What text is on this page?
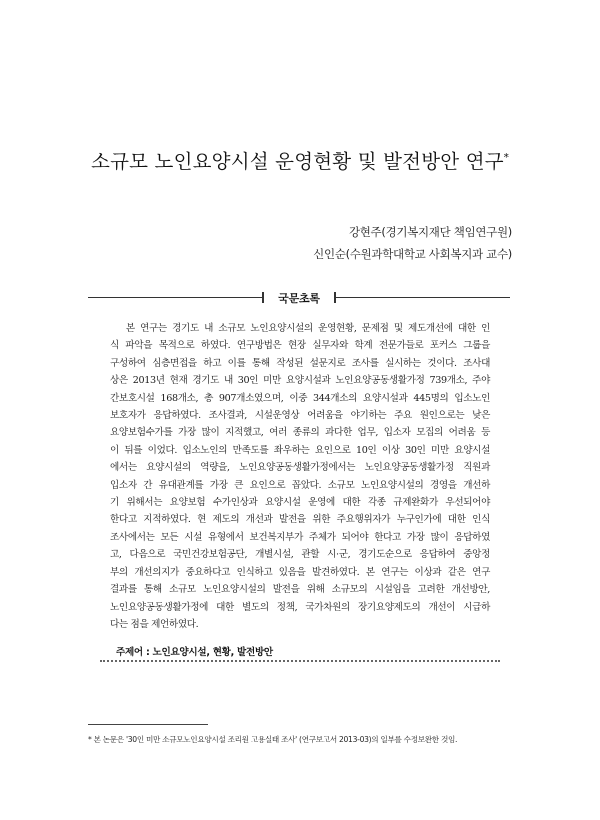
소규모 노인요양시설 운영현황 및 발전방안 연구*
강현주(경기복지재단 책임연구원)
신인순(수원과학대학교 사회복지과 교수)
국문초록
본 연구는 경기도 내 소규모 노인요양시설의 운영현황, 문제점 및 제도개선에 대한 인
식 파악을 목적으로 하였다. 연구방법은 현장 실무자와 학계 전문가들로 포커스 그룹을
구성하여 심층면접을 하고 이를 통해 작성된 설문지로 조사를 실시하는 것이다. 조사대
상은 2013년 현재 경기도 내 30인 미만 요양시설과 노인요양공동생활가정 739개소, 주야
간보호시설 168개소, 총 907개소였으며, 이중 344개소의 요양시설과 445명의 입소노인
보호자가 응답하였다. 조사결과, 시설운영상 어려움을 야기하는 주요 원인으로는 낮은
요양보험수가를 가장 많이 지적했고, 여러 종류의 과다한 업무, 입소자 모집의 어려움 등
이 뒤를 이었다. 입소노인의 만족도를 좌우하는 요인으로 10인 이상 30인 미만 요양시설
에서는 요양시설의 역량을, 노인요양공동생활가정에서는 노인요양공동생활가정 직원과
입소자 간 유대관계를 가장 큰 요인으로 꼽았다. 소규모 노인요양시설의 경영을 개선하
기 위해서는 요양보험 수가인상과 요양시설 운영에 대한 각종 규제완화가 우선되어야
한다고 지적하였다. 현 제도의 개선과 발전을 위한 주요행위자가 누구인가에 대한 인식
조사에서는 모든 시설 유형에서 보건복지부가 주체가 되어야 한다고 가장 많이 응답하였
고, 다음으로 국민건강보험공단, 개별시설, 관할 시·군, 경기도순으로 응답하여 중앙정
부의 개선의지가 중요하다고 인식하고 있음을 발견하였다. 본 연구는 이상과 같은 연구
결과를 통해 소규모 노인요양시설의 발전을 위해 소규모의 시설임을 고려한 개선방안,
노인요양공동생활가정에 대한 별도의 정책, 국가차원의 장기요양제도의 개선이 시급하
다는 점을 제언하였다.
주제어 : 노인요양시설, 현황, 발전방안
* 본 논문은 '30인 미만 소규모노인요양시설 조리원 고용실태 조사' (연구보고서 2013-03)의 일부를 수정보완한 것임.
